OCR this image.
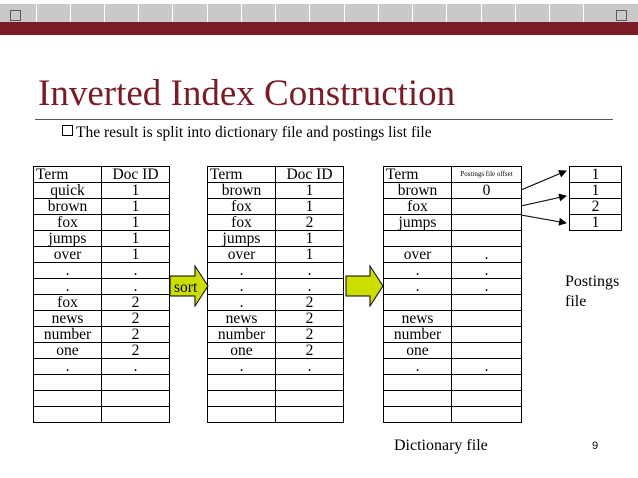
Inverted Index Construction
The result is split into dictionary file and postings list file
Term	Doc ID
quick	1
brown	1
fox	1
jumps	1
over	1
.	.
.	.
fox	2
news	2
number	2
one	2
.	.

Term	Doc ID
brown	1
fox	1
fox	2
jumps	1
over	1
.	.
.	.
.	2
news	2
number	2
one	2
.	.

Term	Postings file offset
brown	0
fox	
jumps	

over	.
.	.
.	.

news	
number	
one	
.	.

1
1
2
1
sort	Postings
file
Dictionary file	9
